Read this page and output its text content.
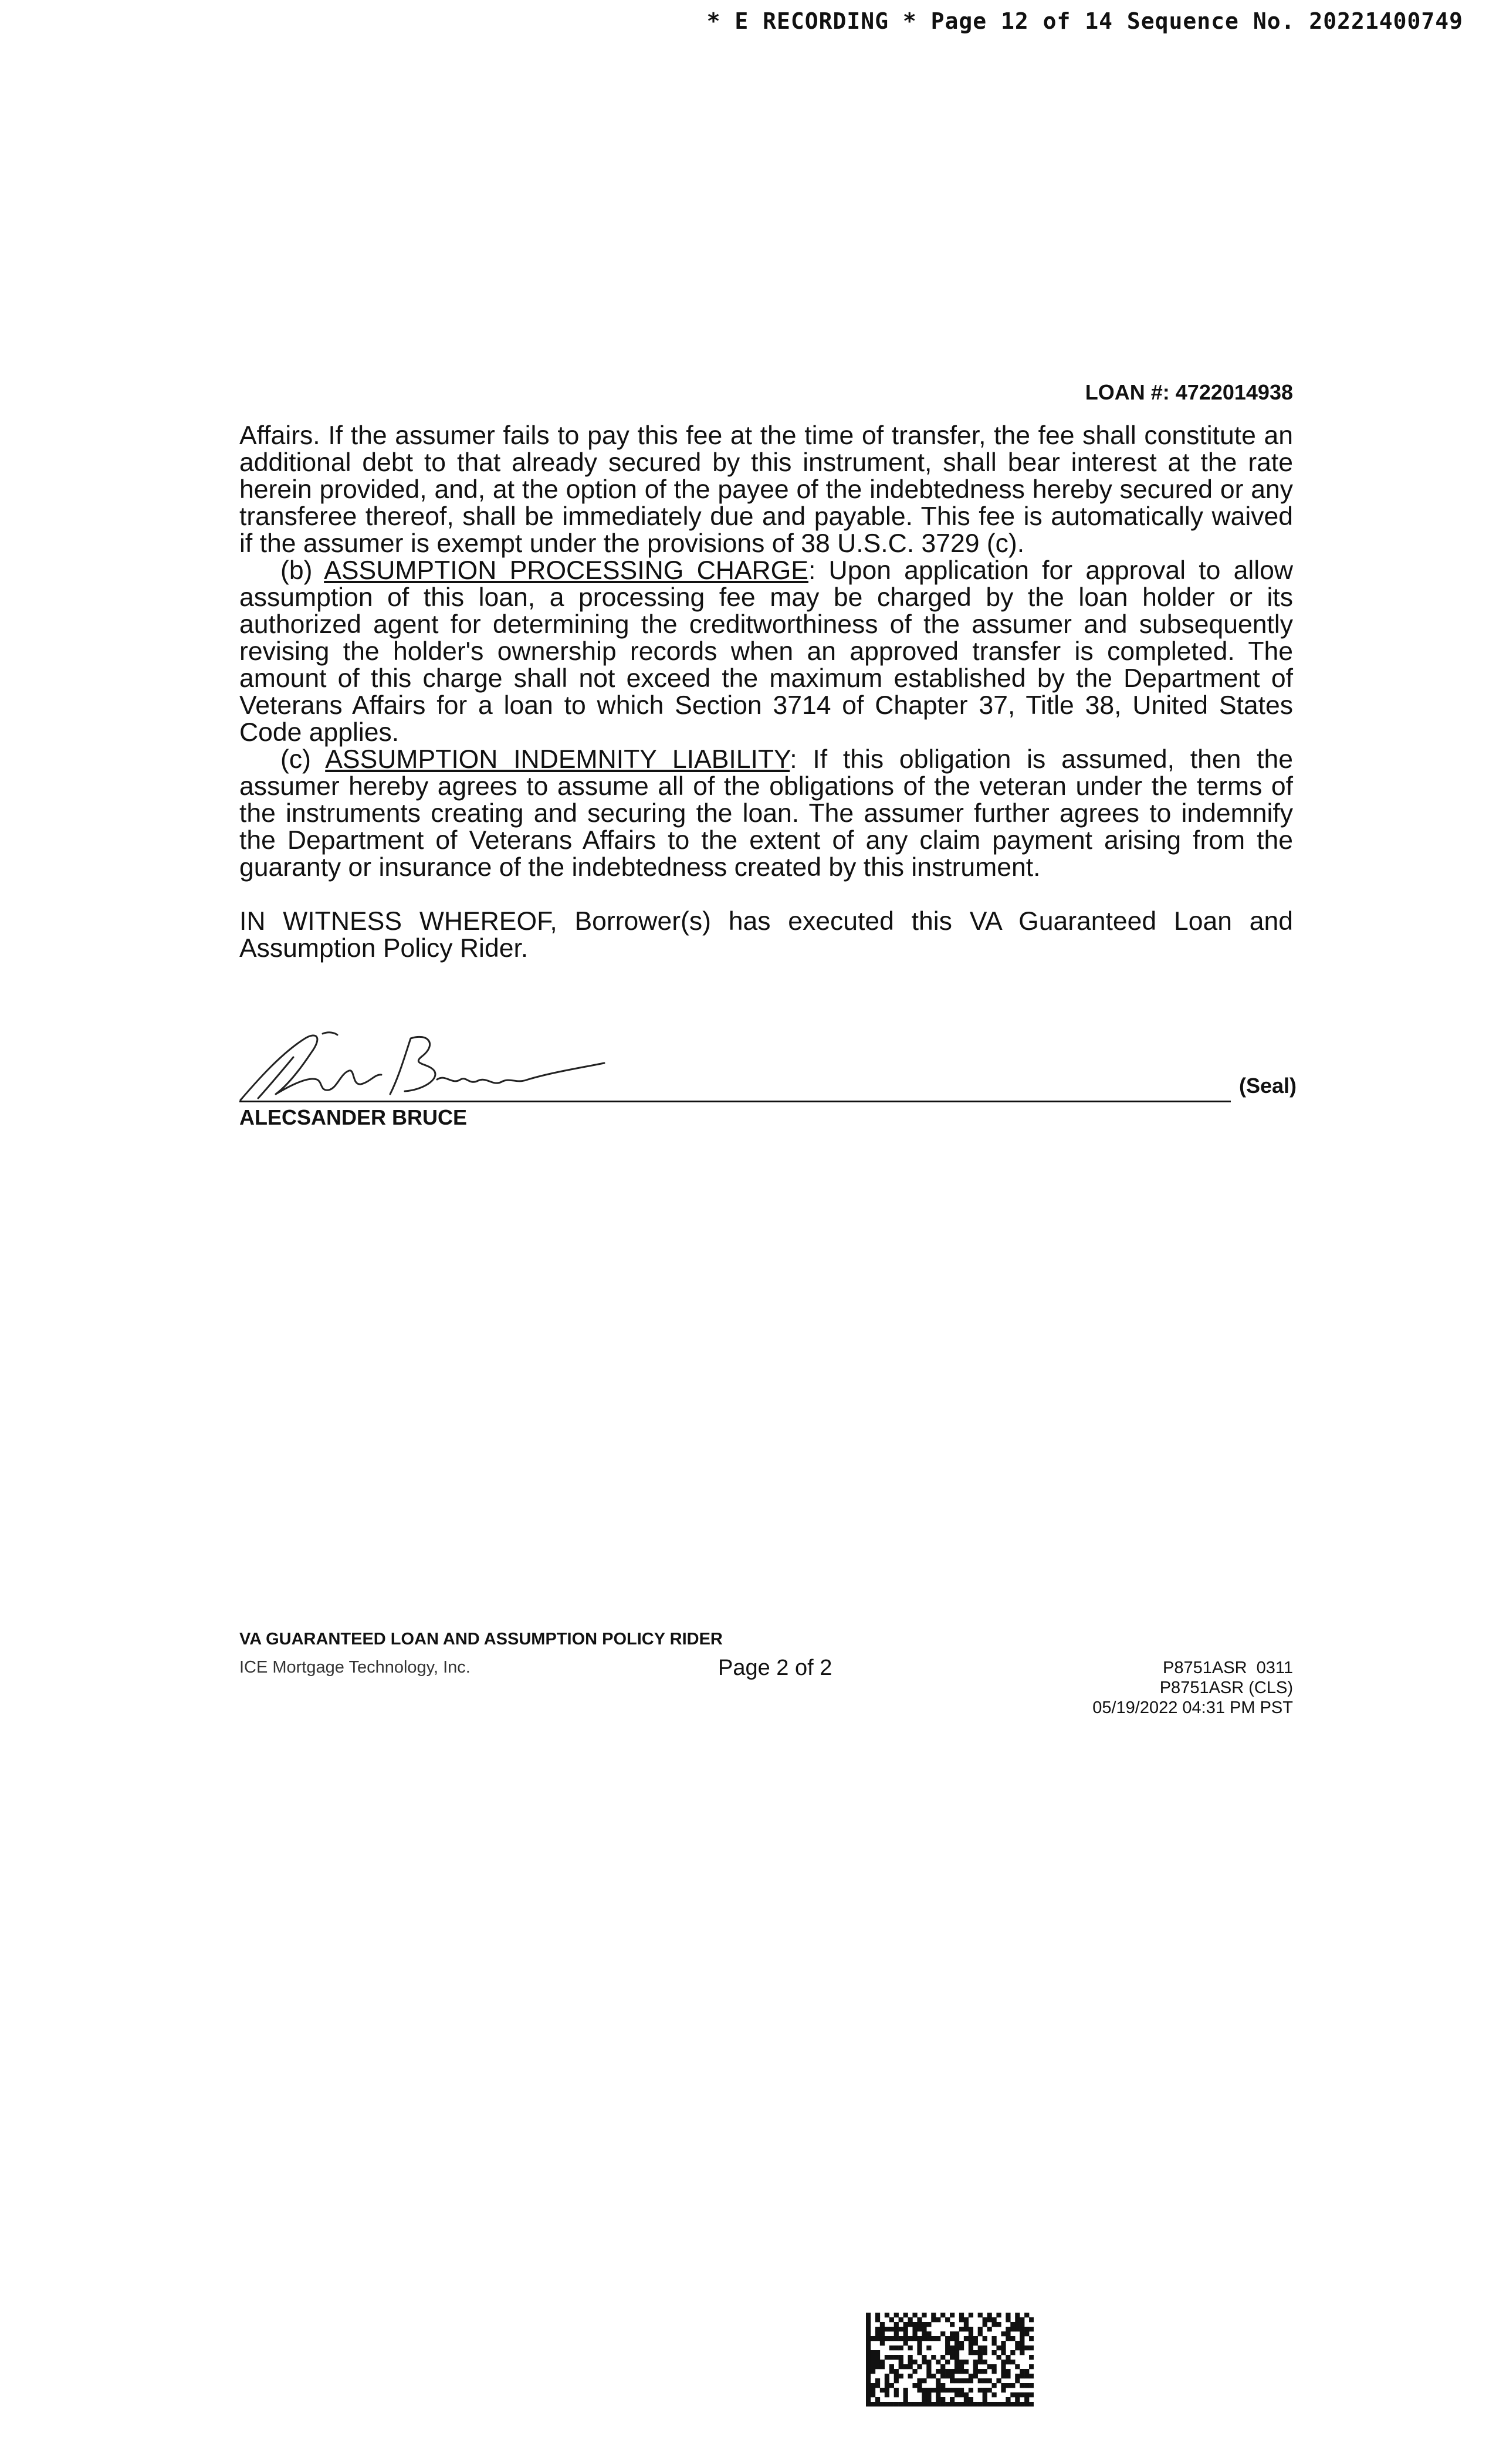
* E RECORDING * Page 12 of 14 Sequence No. 20221400749
LOAN #: 4722014938

Affairs. If the assumer fails to pay this fee at the time of transfer, the fee shall constitute an additional debt to that already secured by this instrument, shall bear interest at the rate herein provided, and, at the option of the payee of the indebtedness hereby secured or any transferee thereof, shall be immediately due and payable. This fee is automatically waived if the assumer is exempt under the provisions of 38 U.S.C. 3729 (c).

(b) ASSUMPTION PROCESSING CHARGE: Upon application for approval to allow assumption of this loan, a processing fee may be charged by the loan holder or its authorized agent for determining the creditworthiness of the assumer and subsequently revising the holder's ownership records when an approved transfer is completed. The amount of this charge shall not exceed the maximum established by the Department of Veterans Affairs for a loan to which Section 3714 of Chapter 37, Title 38, United States Code applies.

(c) ASSUMPTION INDEMNITY LIABILITY: If this obligation is assumed, then the assumer hereby agrees to assume all of the obligations of the veteran under the terms of the instruments creating and securing the loan. The assumer further agrees to indemnify the Department of Veterans Affairs to the extent of any claim payment arising from the guaranty or insurance of the indebtedness created by this instrument.

IN WITNESS WHEREOF, Borrower(s) has executed this VA Guaranteed Loan and Assumption Policy Rider.

(Seal)
ALECSANDER BRUCE
VA GUARANTEED LOAN AND ASSUMPTION POLICY RIDER
ICE Mortgage Technology, Inc.	Page 2 of 2	P8751ASR  0311
P8751ASR (CLS)
05/19/2022 04:31 PM PST
